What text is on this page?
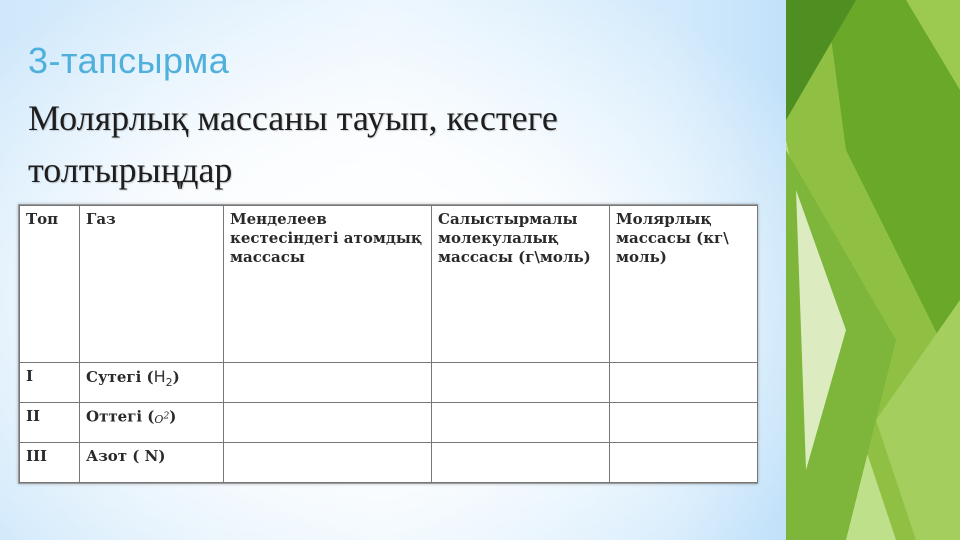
3-тапсырма

Молярлық массаны тауып, кестеге толтырыңдар

Топ	Газ	Менделеев кестесіндегі атомдық массасы	Салыстырмалы молекулалық массасы (г\моль)	Молярлық массасы (кг\ моль)
I	Сутегі $(H_2)$			
II	Оттегі $(O^2)$			
III	Азот ( N)			
